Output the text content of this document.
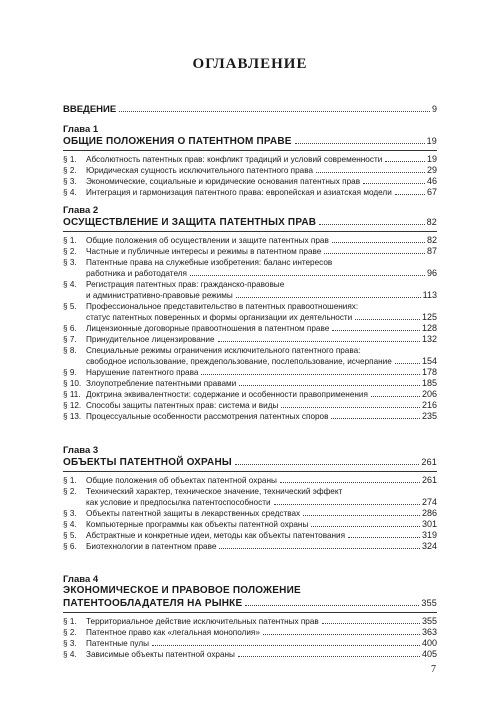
ОГЛАВЛЕНИЕ
ВВЕДЕНИЕ	9
Глава 1
ОБЩИЕ ПОЛОЖЕНИЯ О ПАТЕНТНОМ ПРАВЕ	19
§ 1.	Абсолютность патентных прав: конфликт традиций и условий современности	19
§ 2.	Юридическая сущность исключительного патентного права	29
§ 3.	Экономические, социальные и юридические основания патентных прав	46
§ 4.	Интеграция и гармонизация патентного права: европейская и азиатская модели	67
Глава 2
ОСУЩЕСТВЛЕНИЕ И ЗАЩИТА ПАТЕНТНЫХ ПРАВ	82
§ 1.	Общие положения об осуществлении и защите патентных прав	82
§ 2.	Частные и публичные интересы и режимы в патентном праве	87
§ 3.	Патентные права на служебные изобретения: баланс интересов
работника и работодателя	96
§ 4.	Регистрация патентных прав: гражданско-правовые
и административно-правовые режимы	113
§ 5.	Профессиональное представительство в патентных правоотношениях:
статус патентных поверенных и формы организации их деятельности	125
§ 6.	Лицензионные договорные правоотношения в патентном праве	128
§ 7.	Принудительное лицензирование	132
§ 8.	Специальные режимы ограничения исключительного патентного права:
свободное использование, преждепользование, послепользование, исчерпание	154
§ 9.	Нарушение патентного права	178
§ 10. Злоупотребление патентными правами	185
§ 11. Доктрина эквивалентности: содержание и особенности правоприменения	206
§ 12. Способы защиты патентных прав: система и виды	216
§ 13. Процессуальные особенности рассмотрения патентных споров	235
Глава 3
ОБЪЕКТЫ ПАТЕНТНОЙ ОХРАНЫ	261
§ 1.	Общие положения об объектах патентной охраны	261
§ 2.	Технический характер, техническое значение, технический эффект
как условие и предпосылка патентоспособности	274
§ 3.	Объекты патентной защиты в лекарственных средствах	286
§ 4.	Компьютерные программы как объекты патентной охраны	301
§ 5.	Абстрактные и конкретные идеи, методы как объекты патентования	319
§ 6.	Биотехнологии в патентном праве	324
Глава 4
ЭКОНОМИЧЕСКОЕ И ПРАВОВОЕ ПОЛОЖЕНИЕ
ПАТЕНТООБЛАДАТЕЛЯ НА РЫНКЕ	355
§ 1.	Территориальное действие исключительных патентных прав	355
§ 2.	Патентное право как «легальная монополия»	363
§ 3.	Патентные пулы	400
§ 4.	Зависимые объекты патентной охраны	405
7
